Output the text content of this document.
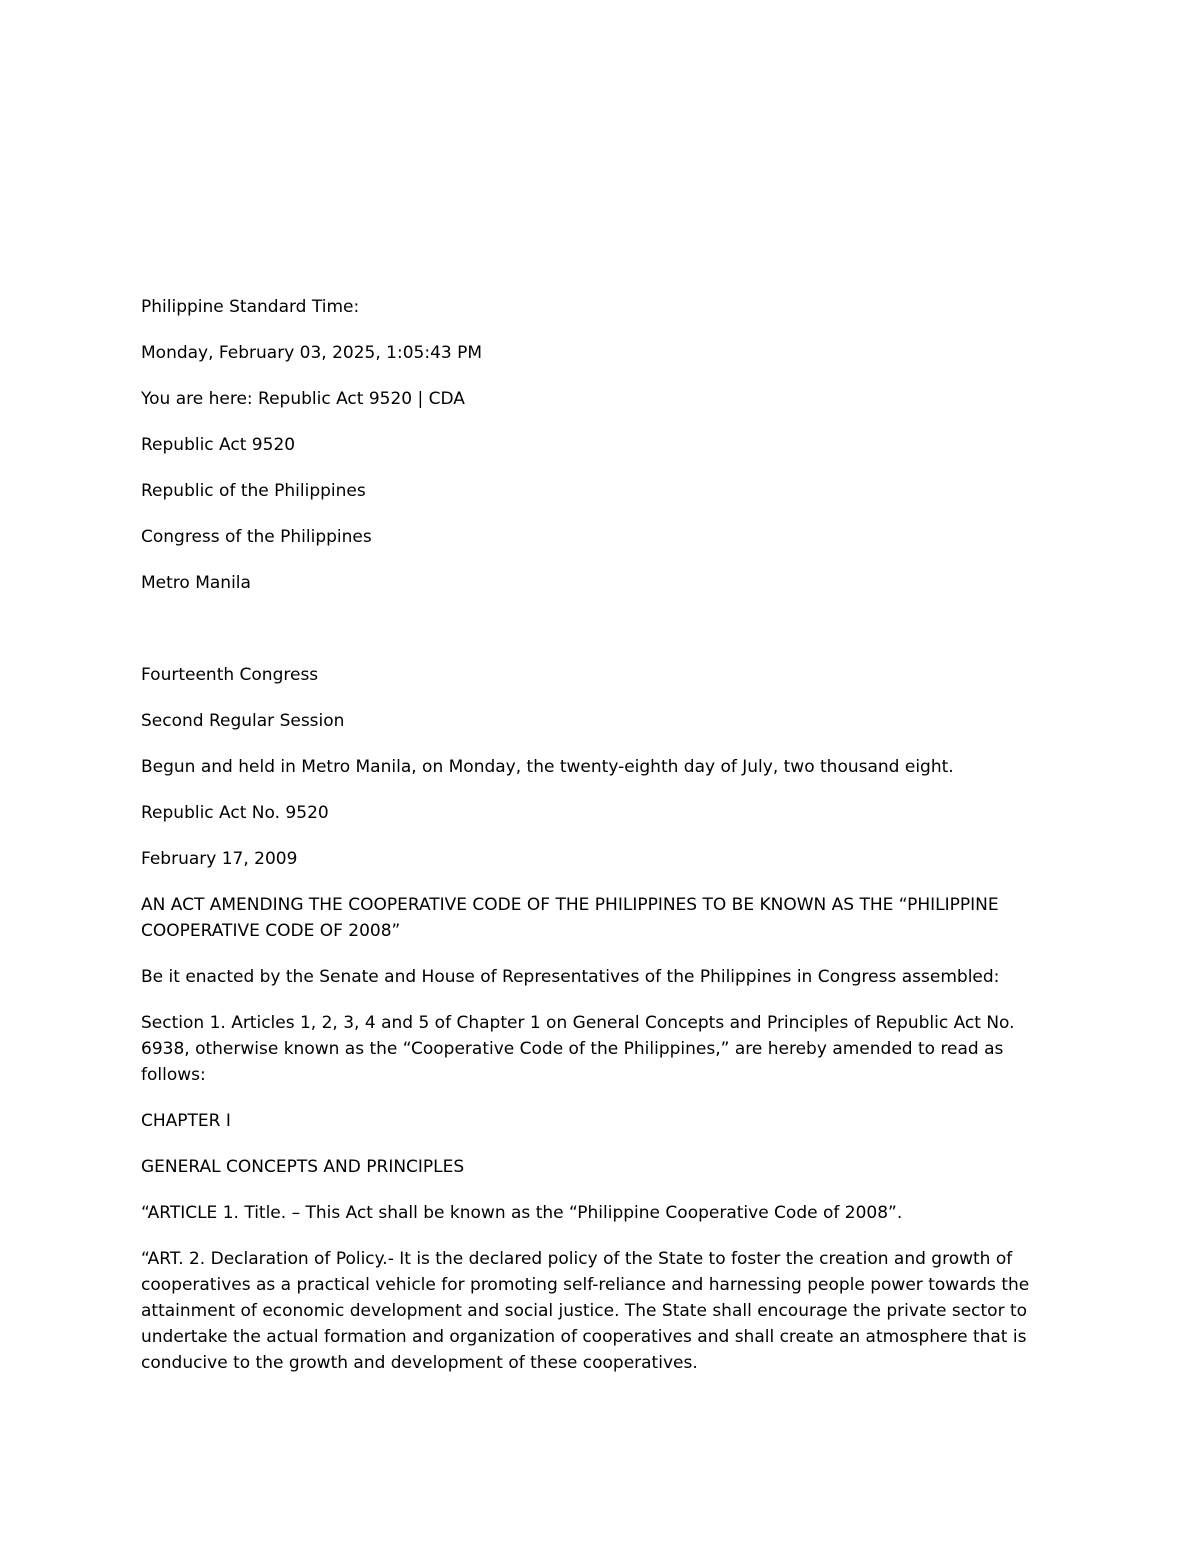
Philippine Standard Time:

Monday, February 03, 2025, 1:05:43 PM

You are here: Republic Act 9520 | CDA

Republic Act 9520

Republic of the Philippines

Congress of the Philippines

Metro Manila

Fourteenth Congress

Second Regular Session

Begun and held in Metro Manila, on Monday, the twenty-eighth day of July, two thousand eight.

Republic Act No. 9520

February 17, 2009

AN ACT AMENDING THE COOPERATIVE CODE OF THE PHILIPPINES TO BE KNOWN AS THE “PHILIPPINE COOPERATIVE CODE OF 2008”

Be it enacted by the Senate and House of Representatives of the Philippines in Congress assembled:

Section 1. Articles 1, 2, 3, 4 and 5 of Chapter 1 on General Concepts and Principles of Republic Act No. 6938, otherwise known as the “Cooperative Code of the Philippines,” are hereby amended to read as follows:

CHAPTER I

GENERAL CONCEPTS AND PRINCIPLES

“ARTICLE 1. Title. – This Act shall be known as the “Philippine Cooperative Code of 2008”.

“ART. 2. Declaration of Policy.- It is the declared policy of the State to foster the creation and growth of cooperatives as a practical vehicle for promoting self-reliance and harnessing people power towards the attainment of economic development and social justice. The State shall encourage the private sector to undertake the actual formation and organization of cooperatives and shall create an atmosphere that is conducive to the growth and development of these cooperatives.
